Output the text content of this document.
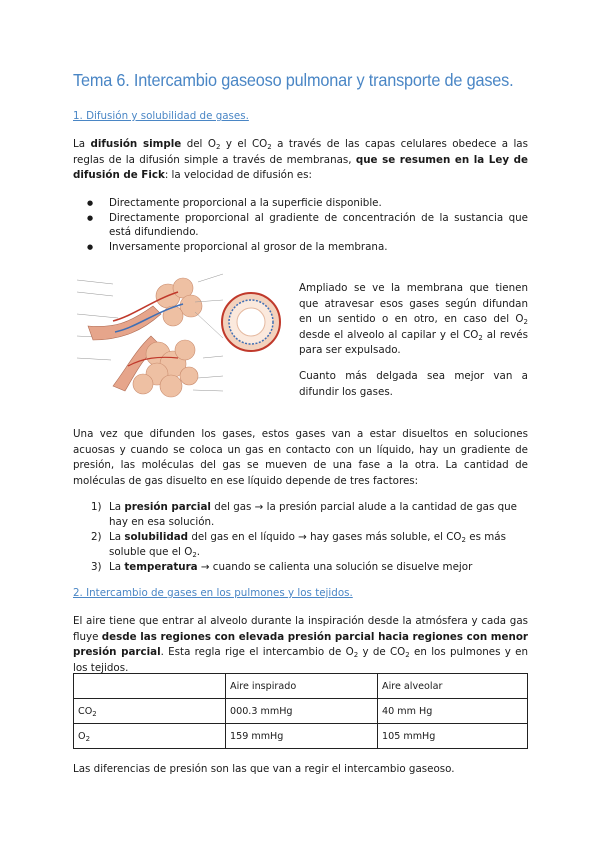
Tema 6. Intercambio gaseoso pulmonar y transporte de gases.

1. Difusión y solubilidad de gases.

La difusión simple del $O_2$ y el $CO_2$ a través de las capas celulares obedece a las reglas de la difusión simple a través de membranas, que se resumen en la Ley de difusión de Fick: la velocidad de difusión es:

● Directamente proporcional a la superficie disponible.
● Directamente proporcional al gradiente de concentración de la sustancia que está difundiendo.
● Inversamente proporcional al grosor de la membrana.

Ampliado se ve la membrana que tienen que atravesar esos gases según difundan en un sentido o en otro, en caso del $O_2$ desde el alveolo al capilar y el $CO_2$ al revés para ser expulsado.

Cuanto más delgada sea mejor van a difundir los gases.

Una vez que difunden los gases, estos gases van a estar disueltos en soluciones acuosas y cuando se coloca un gas en contacto con un líquido, hay un gradiente de presión, las moléculas del gas se mueven de una fase a la otra. La cantidad de moléculas de gas disuelto en ese líquido depende de tres factores:

1) La presión parcial del gas → la presión parcial alude a la cantidad de gas que hay en esa solución.
2) La solubilidad del gas en el líquido → hay gases más soluble, el $CO_2$ es más soluble que el $O_2$.
3) La temperatura → cuando se calienta una solución se disuelve mejor

2. Intercambio de gases en los pulmones y los tejidos.

El aire tiene que entrar al alveolo durante la inspiración desde la atmósfera y cada gas fluye desde las regiones con elevada presión parcial hacia regiones con menor presión parcial. Esta regla rige el intercambio de $O_2$ y de $CO_2$ en los pulmones y en los tejidos.

	Aire inspirado	Aire alveolar
$CO_2$	000.3 mmHg	40 mm Hg
$O_2$	159 mmHg	105 mmHg

Las diferencias de presión son las que van a regir el intercambio gaseoso.
